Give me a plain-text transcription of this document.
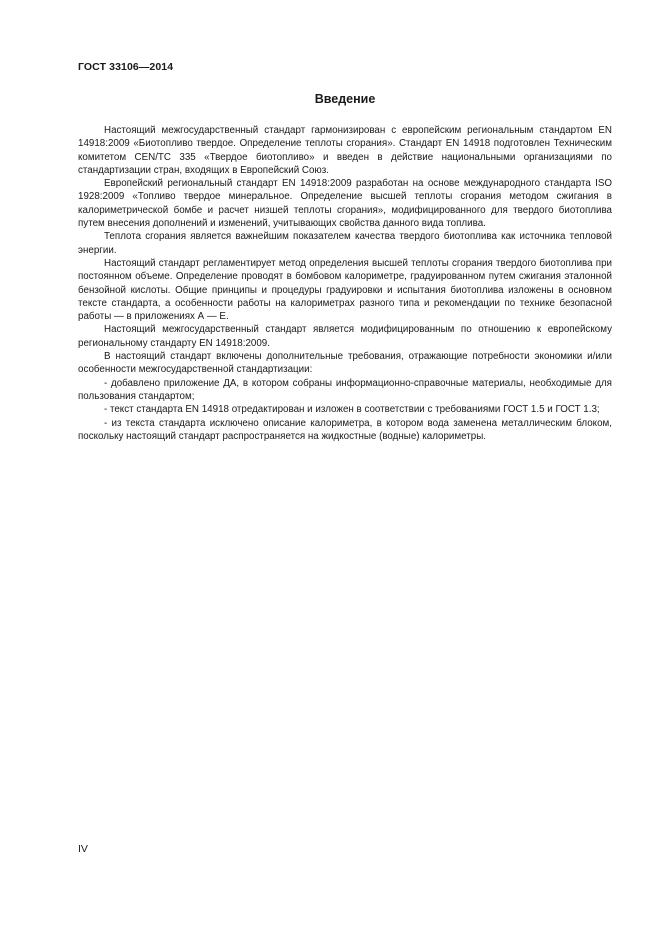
ГОСТ 33106—2014
Введение

Настоящий межгосударственный стандарт гармонизирован с европейским региональным стандартом EN 14918:2009 «Биотопливо твердое. Определение теплоты сгорания». Стандарт EN 14918 подготовлен Техническим комитетом CEN/TC 335 «Твердое биотопливо» и введен в действие национальными организациями по стандартизации стран, входящих в Европейский Союз.

Европейский региональный стандарт EN 14918:2009 разработан на основе международного стандарта ISO 1928:2009 «Топливо твердое минеральное. Определение высшей теплоты сгорания методом сжигания в калориметрической бомбе и расчет низшей теплоты сгорания», модифицированного для твердого биотоплива путем внесения дополнений и изменений, учитывающих свойства данного вида топлива.

Теплота сгорания является важнейшим показателем качества твердого биотоплива как источника тепловой энергии.

Настоящий стандарт регламентирует метод определения высшей теплоты сгорания твердого биотоплива при постоянном объеме. Определение проводят в бомбовом калориметре, градуированном путем сжигания эталонной бензойной кислоты. Общие принципы и процедуры градуировки и испытания биотоплива изложены в основном тексте стандарта, а особенности работы на калориметрах разного типа и рекомендации по технике безопасной работы — в приложениях А — Е.

Настоящий межгосударственный стандарт является модифицированным по отношению к европейскому региональному стандарту EN 14918:2009.

В настоящий стандарт включены дополнительные требования, отражающие потребности экономики и/или особенности межгосударственной стандартизации:

- добавлено приложение ДА, в котором собраны информационно-справочные материалы, необходимые для пользования стандартом;

- текст стандарта EN 14918 отредактирован и изложен в соответствии с требованиями ГОСТ 1.5 и ГОСТ 1.3;

- из текста стандарта исключено описание калориметра, в котором вода заменена металлическим блоком, поскольку настоящий стандарт распространяется на жидкостные (водные) калориметры.

IV
